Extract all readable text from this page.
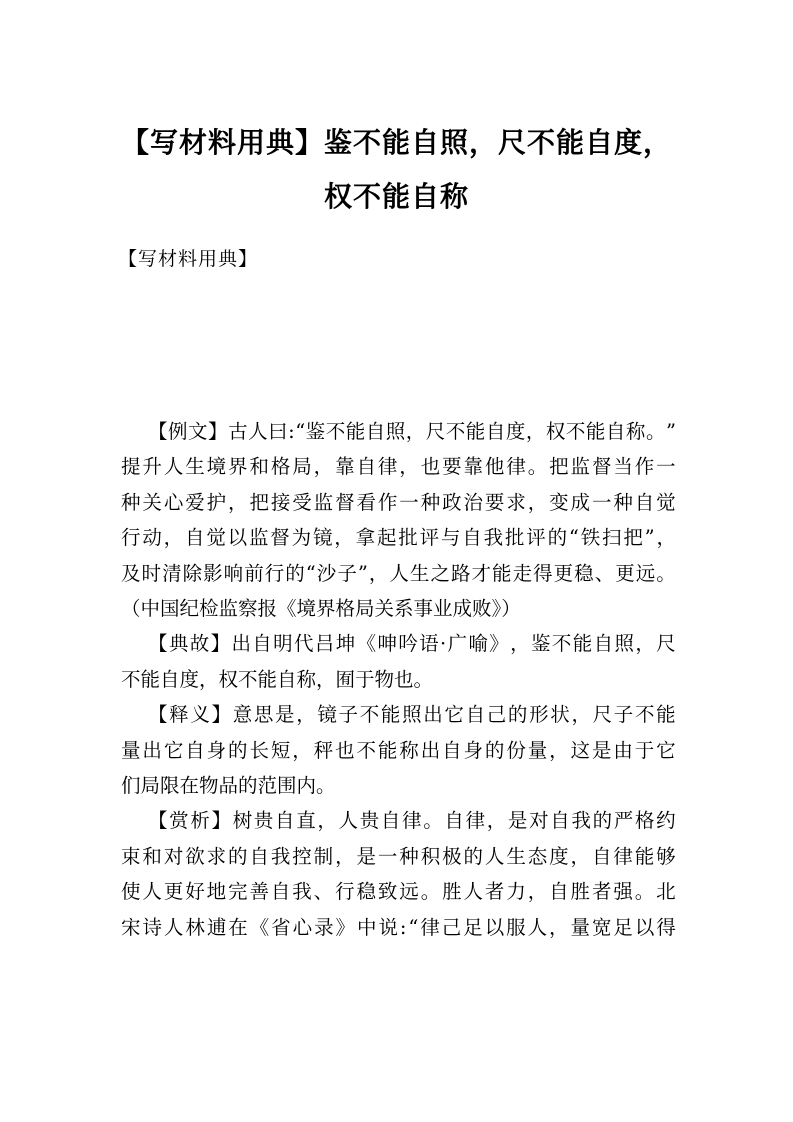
【写材料用典】鉴不能自照，尺不能自度，
权不能自称
【写材料用典】
【 例 文 】 古 人 曰 : “ 鉴 不 能 自 照 ， 尺 不 能 自 度 ， 权 不 能 自 称 。 ”
提 升 人 生 境 界 和 格 局 ， 靠 自 律 ， 也 要 靠 他 律 。 把 监 督 当 作 一
种 关 心 爱 护 ， 把 接 受 监 督 看 作 一 种 政 治 要 求 ， 变 成 一 种 自 觉
行 动 ， 自 觉 以 监 督 为 镜 ， 拿 起 批 评 与 自 我 批 评 的 “ 铁 扫 把 ” ，
及 时 清 除 影 响 前 行 的 “ 沙 子 ” ， 人 生 之 路 才 能 走 得 更 稳 、 更 远 。
（中国纪检监察报《境界格局关系事业成败》）
【 典 故 】 出 自 明 代 吕 坤 《 呻 吟 语 · 广 喻 》 ， 鉴 不 能 自 照 ， 尺
不能自度，权不能自称，囿于物也。
【 释 义 】 意 思 是 ， 镜 子 不 能 照 出 它 自 己 的 形 状 ， 尺 子 不 能
量 出 它 自 身 的 长 短 ， 秤 也 不 能 称 出 自 身 的 份 量 ， 这 是 由 于 它
们局限在物品的范围内。
【 赏 析 】 树 贵 自 直 ， 人 贵 自 律 。 自 律 ， 是 对 自 我 的 严 格 约
束 和 对 欲 求 的 自 我 控 制 ， 是 一 种 积 极 的 人 生 态 度 ， 自 律 能 够
使 人 更 好 地 完 善 自 我 、 行 稳 致 远 。 胜 人 者 力 ， 自 胜 者 强 。 北
宋 诗 人 林 逋 在 《 省 心 录 》 中 说 : “ 律 己 足 以 服 人 ， 量 宽 足 以 得
